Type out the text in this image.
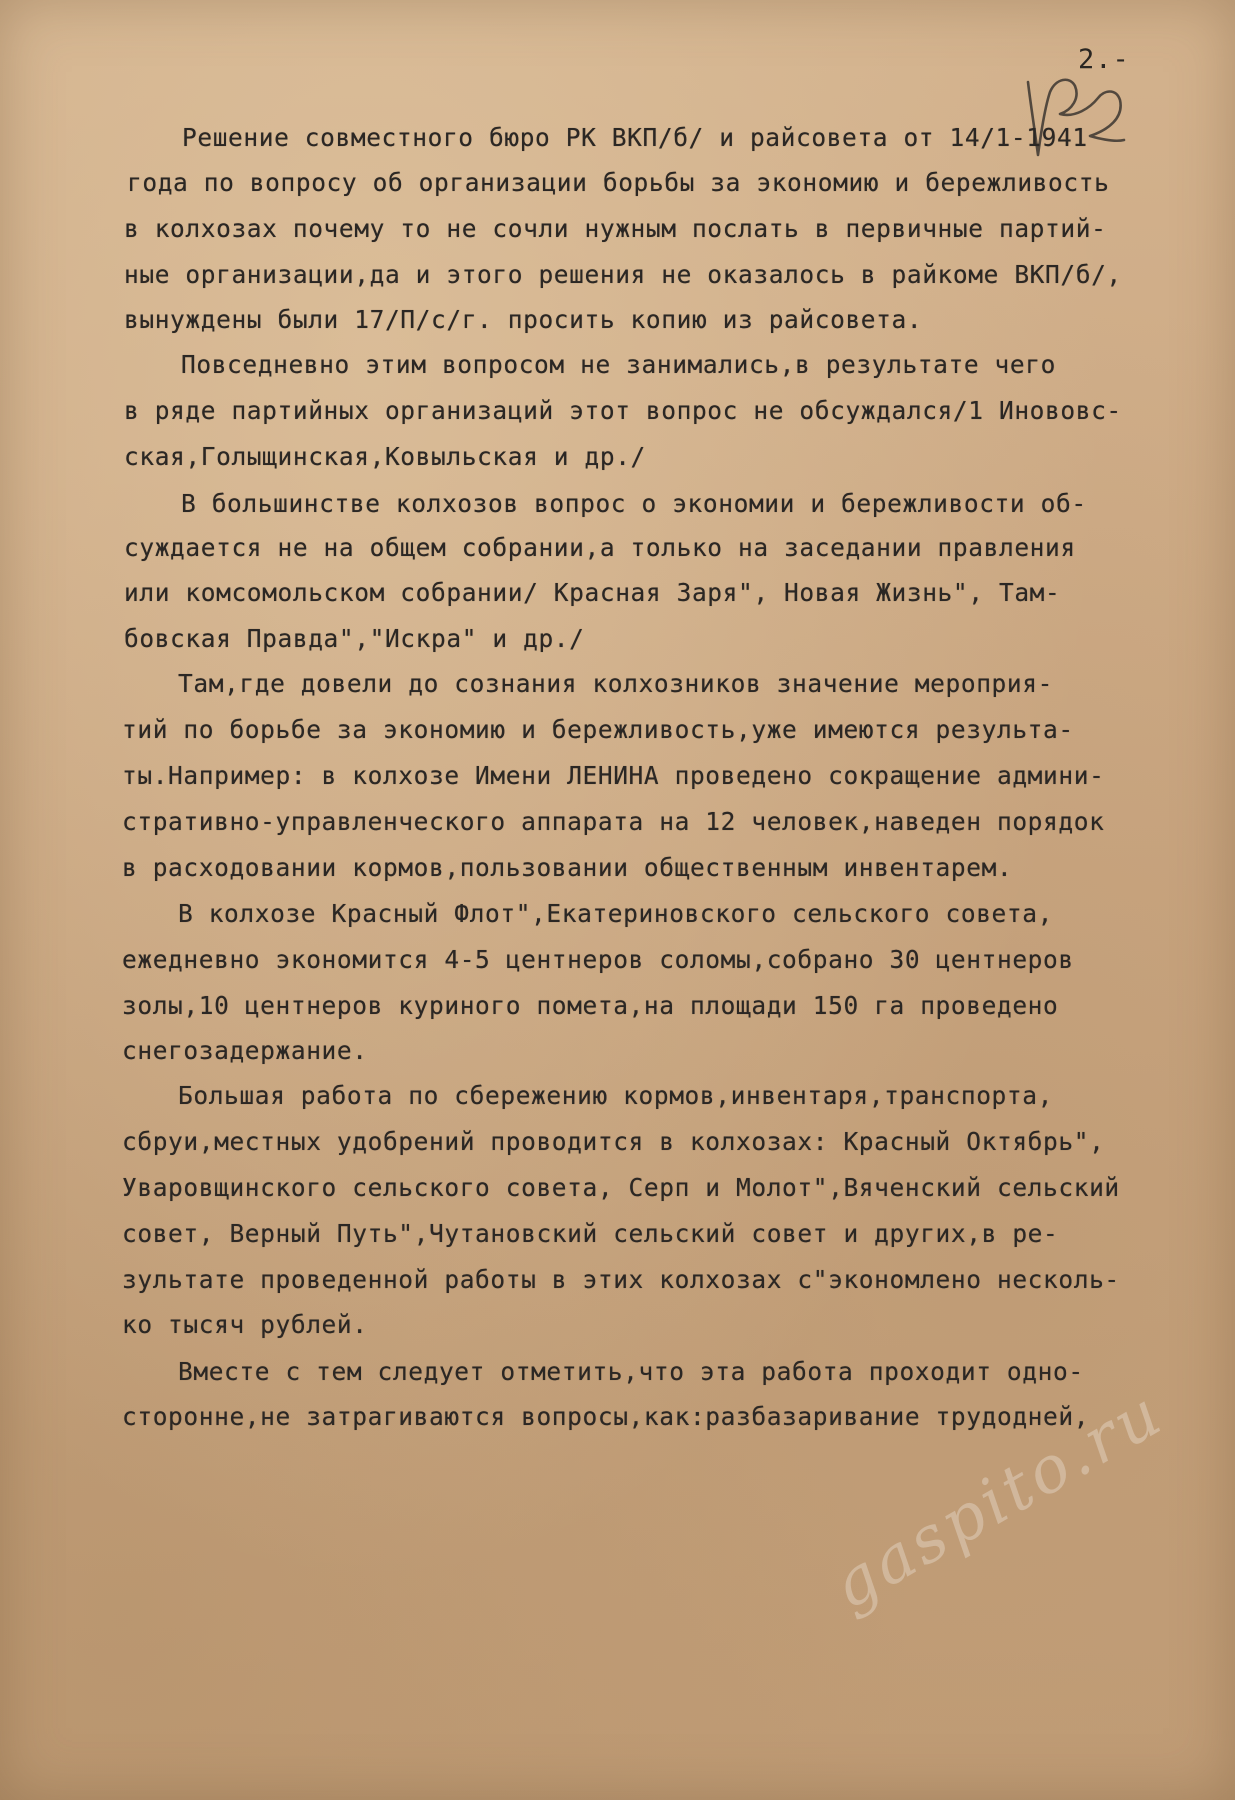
2.-
Решение совместного бюро РК ВКП/б/ и райсовета от 14/1-1941
года по вопросу об организации борьбы за экономию и бережливость
в колхозах почему то не сочли нужным послать в первичные партий-
ные организации,да и этого решения не оказалось в райкоме ВКП/б/,
вынуждены были 17/П/с/г. просить копию из райсовета.
Повседневно этим вопросом не занимались,в результате чего
в ряде партийных организаций этот вопрос не обсуждался/1 Инововс-
ская,Голыщинская,Ковыльская и др./
В большинстве колхозов вопрос о экономии и бережливости об-
суждается не на общем собрании,а только на заседании правления
или комсомольском собрании/ Красная Заря", Новая Жизнь", Там-
бовская Правда","Искра" и др./
Там,где довели до сознания колхозников значение мероприя-
тий по борьбе за экономию и бережливость,уже имеются результа-
ты.Например: в колхозе Имени ЛЕНИНА проведено сокращение админи-
стративно-управленческого аппарата на 12 человек,наведен порядок
в расходовании кормов,пользовании общественным инвентарем.
В колхозе Красный Флот",Екатериновского сельского совета,
ежедневно экономится 4-5 центнеров соломы,собрано 30 центнеров
золы,10 центнеров куриного помета,на площади 150 га проведено
снегозадержание.
Большая работа по сбережению кормов,инвентаря,транспорта,
сбруи,местных удобрений проводится в колхозах: Красный Октябрь",
Уваровщинского сельского совета, Серп и Молот",Вяченский сельский
совет, Верный Путь",Чутановский сельский совет и других,в ре-
зультате проведенной работы в этих колхозах с"экономлено несколь-
ко тысяч рублей.
Вместе с тем следует отметить,что эта работа проходит одно-
сторонне,не затрагиваются вопросы,как:разбазаривание трудодней,
gaspito.ru
